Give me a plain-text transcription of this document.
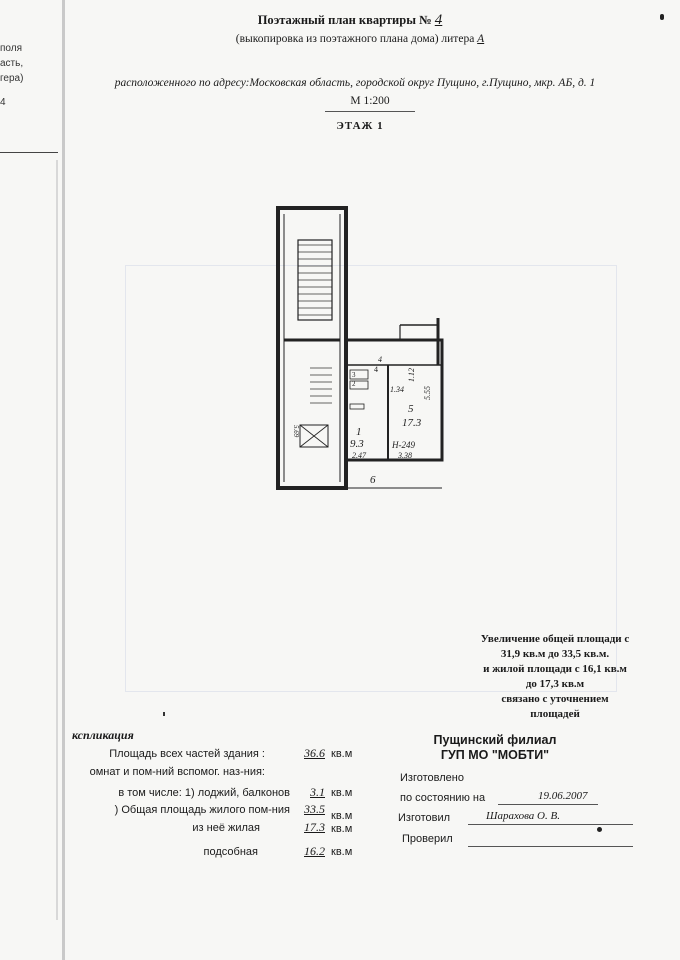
поля
асть,
гера)
4
Поэтажный план квартиры № 4
(выкопировка из поэтажного плана дома) литера А
расположенного по адресу:Московская область, городской округ Пущино, г.Пущино, мкр. АБ, д. 1
М 1:200
ЭТАЖ 1
1
9.3
5
17.3
2
3
4
6
2.47	3.38
5.55
1.34
1.12
5.69
H-249
4
Увеличение общей площади с
31,9 кв.м до 33,5 кв.м.
и жилой площади с 16,1 кв.м
до 17,3 кв.м
связано с уточнением
площадей
Пущинский филиал
ГУП МО "МОБТИ"
кспликация
Площадь всех частей здания :	36.6 кв.м
омнат и пом-ний вспомог. наз-ния:
в том числе: 1) лоджий, балконов	3.1 кв.м
) Общая площадь жилого пом-ния	33.5 кв.м
из неё жилая	17.3 кв.м
подсобная	16.2 кв.м
Изготовлено
по состоянию на	19.06.2007
Изготовил	Шарахова О. В.
Проверил
